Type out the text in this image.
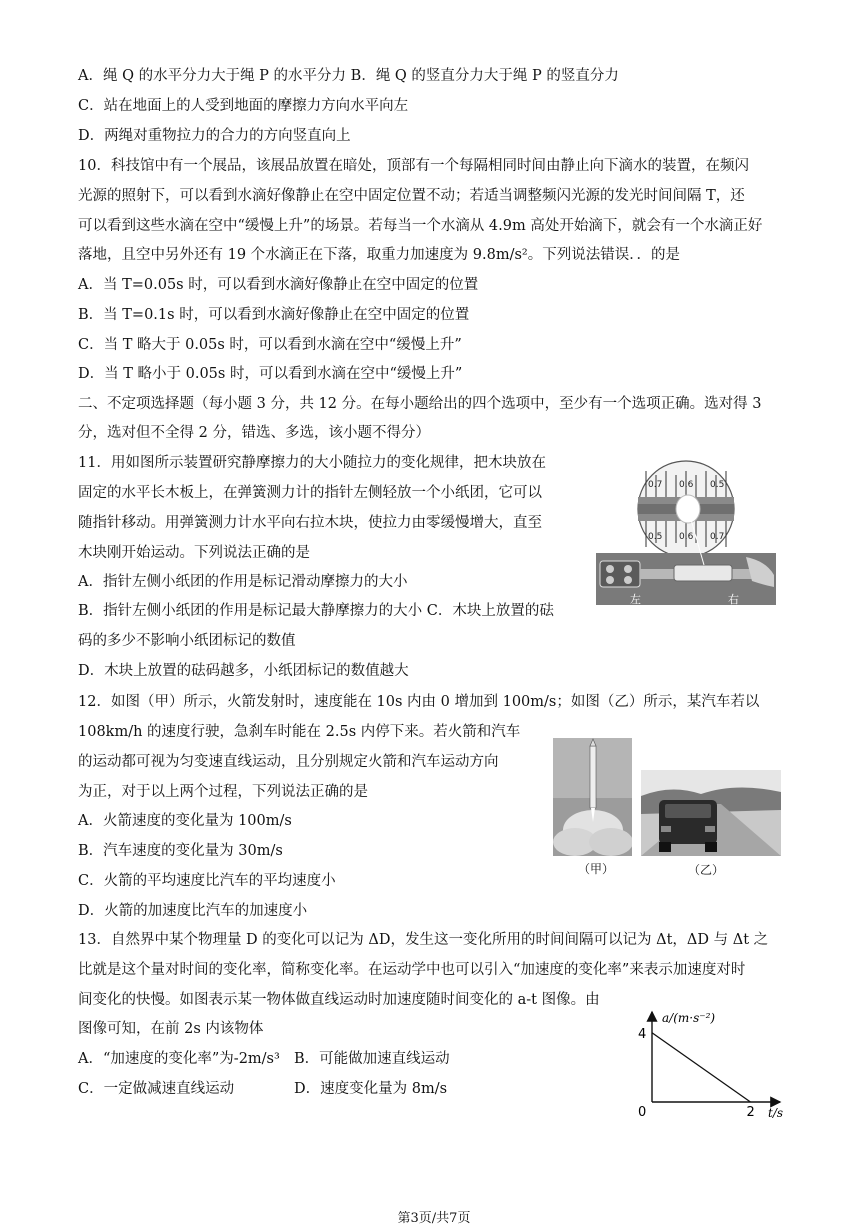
A．绳 Q 的水平分力大于绳 P 的水平分力 B．绳 Q 的竖直分力大于绳 P 的竖直分力
C．站在地面上的人受到地面的摩擦力方向水平向左
D．两绳对重物拉力的合力的方向竖直向上
10．科技馆中有一个展品，该展品放置在暗处，顶部有一个每隔相同时间由静止向下滴水的装置，在频闪
光源的照射下，可以看到水滴好像静止在空中固定位置不动；若适当调整频闪光源的发光时间间隔 T，还
可以看到这些水滴在空中“缓慢上升”的场景。若每当一个水滴从 4.9m 高处开始滴下，就会有一个水滴正好
落地，且空中另外还有 19 个水滴正在下落，取重力加速度为 9.8m/s²。下列说法错误．．的是
A．当 T=0.05s 时，可以看到水滴好像静止在空中固定的位置
B．当 T=0.1s 时，可以看到水滴好像静止在空中固定的位置
C．当 T 略大于 0.05s 时，可以看到水滴在空中“缓慢上升”
D．当 T 略小于 0.05s 时，可以看到水滴在空中“缓慢上升”
二、不定项选择题（每小题 3 分，共 12 分。在每小题给出的四个选项中，至少有一个选项正确。选对得 3
分，选对但不全得 2 分，错选、多选，该小题不得分）
11．用如图所示装置研究静摩擦力的大小随拉力的变化规律，把木块放在
固定的水平长木板上，在弹簧测力计的指针左侧轻放一个小纸团，它可以
随指针移动。用弹簧测力计水平向右拉木块，使拉力由零缓慢增大，直至
木块刚开始运动。下列说法正确的是
A．指针左侧小纸团的作用是标记滑动摩擦力的大小
B．指针左侧小纸团的作用是标记最大静摩擦力的大小 C．木块上放置的砝
码的多少不影响小纸团标记的数值
D．木块上放置的砝码越多，小纸团标记的数值越大
0.7 0.6 0.5
0.5 0.6 0.7
左	右
12．如图（甲）所示，火箭发射时，速度能在 10s 内由 0 增加到 100m/s；如图（乙）所示，某汽车若以
108km/h 的速度行驶，急刹车时能在 2.5s 内停下来。若火箭和汽车
的运动都可视为匀变速直线运动，且分别规定火箭和汽车运动方向
为正，对于以上两个过程，下列说法正确的是
A．火箭速度的变化量为 100m/s
B．汽车速度的变化量为 30m/s
C．火箭的平均速度比汽车的平均速度小
D．火箭的加速度比汽车的加速度小
（甲）	（乙）
13．自然界中某个物理量 D 的变化可以记为 ΔD，发生这一变化所用的时间间隔可以记为 Δt，ΔD 与 Δt 之
比就是这个量对时间的变化率，简称变化率。在运动学中也可以引入“加速度的变化率”来表示加速度对时
间变化的快慢。如图表示某一物体做直线运动时加速度随时间变化的 a-t 图像。由
图像可知，在前 2s 内该物体
A．“加速度的变化率”为-2m/s³ B．可能做加速直线运动
C．一定做减速直线运动	D．速度变化量为 8m/s
a/(m·s⁻²)
t/s
0
4
2
第3页/共7页
